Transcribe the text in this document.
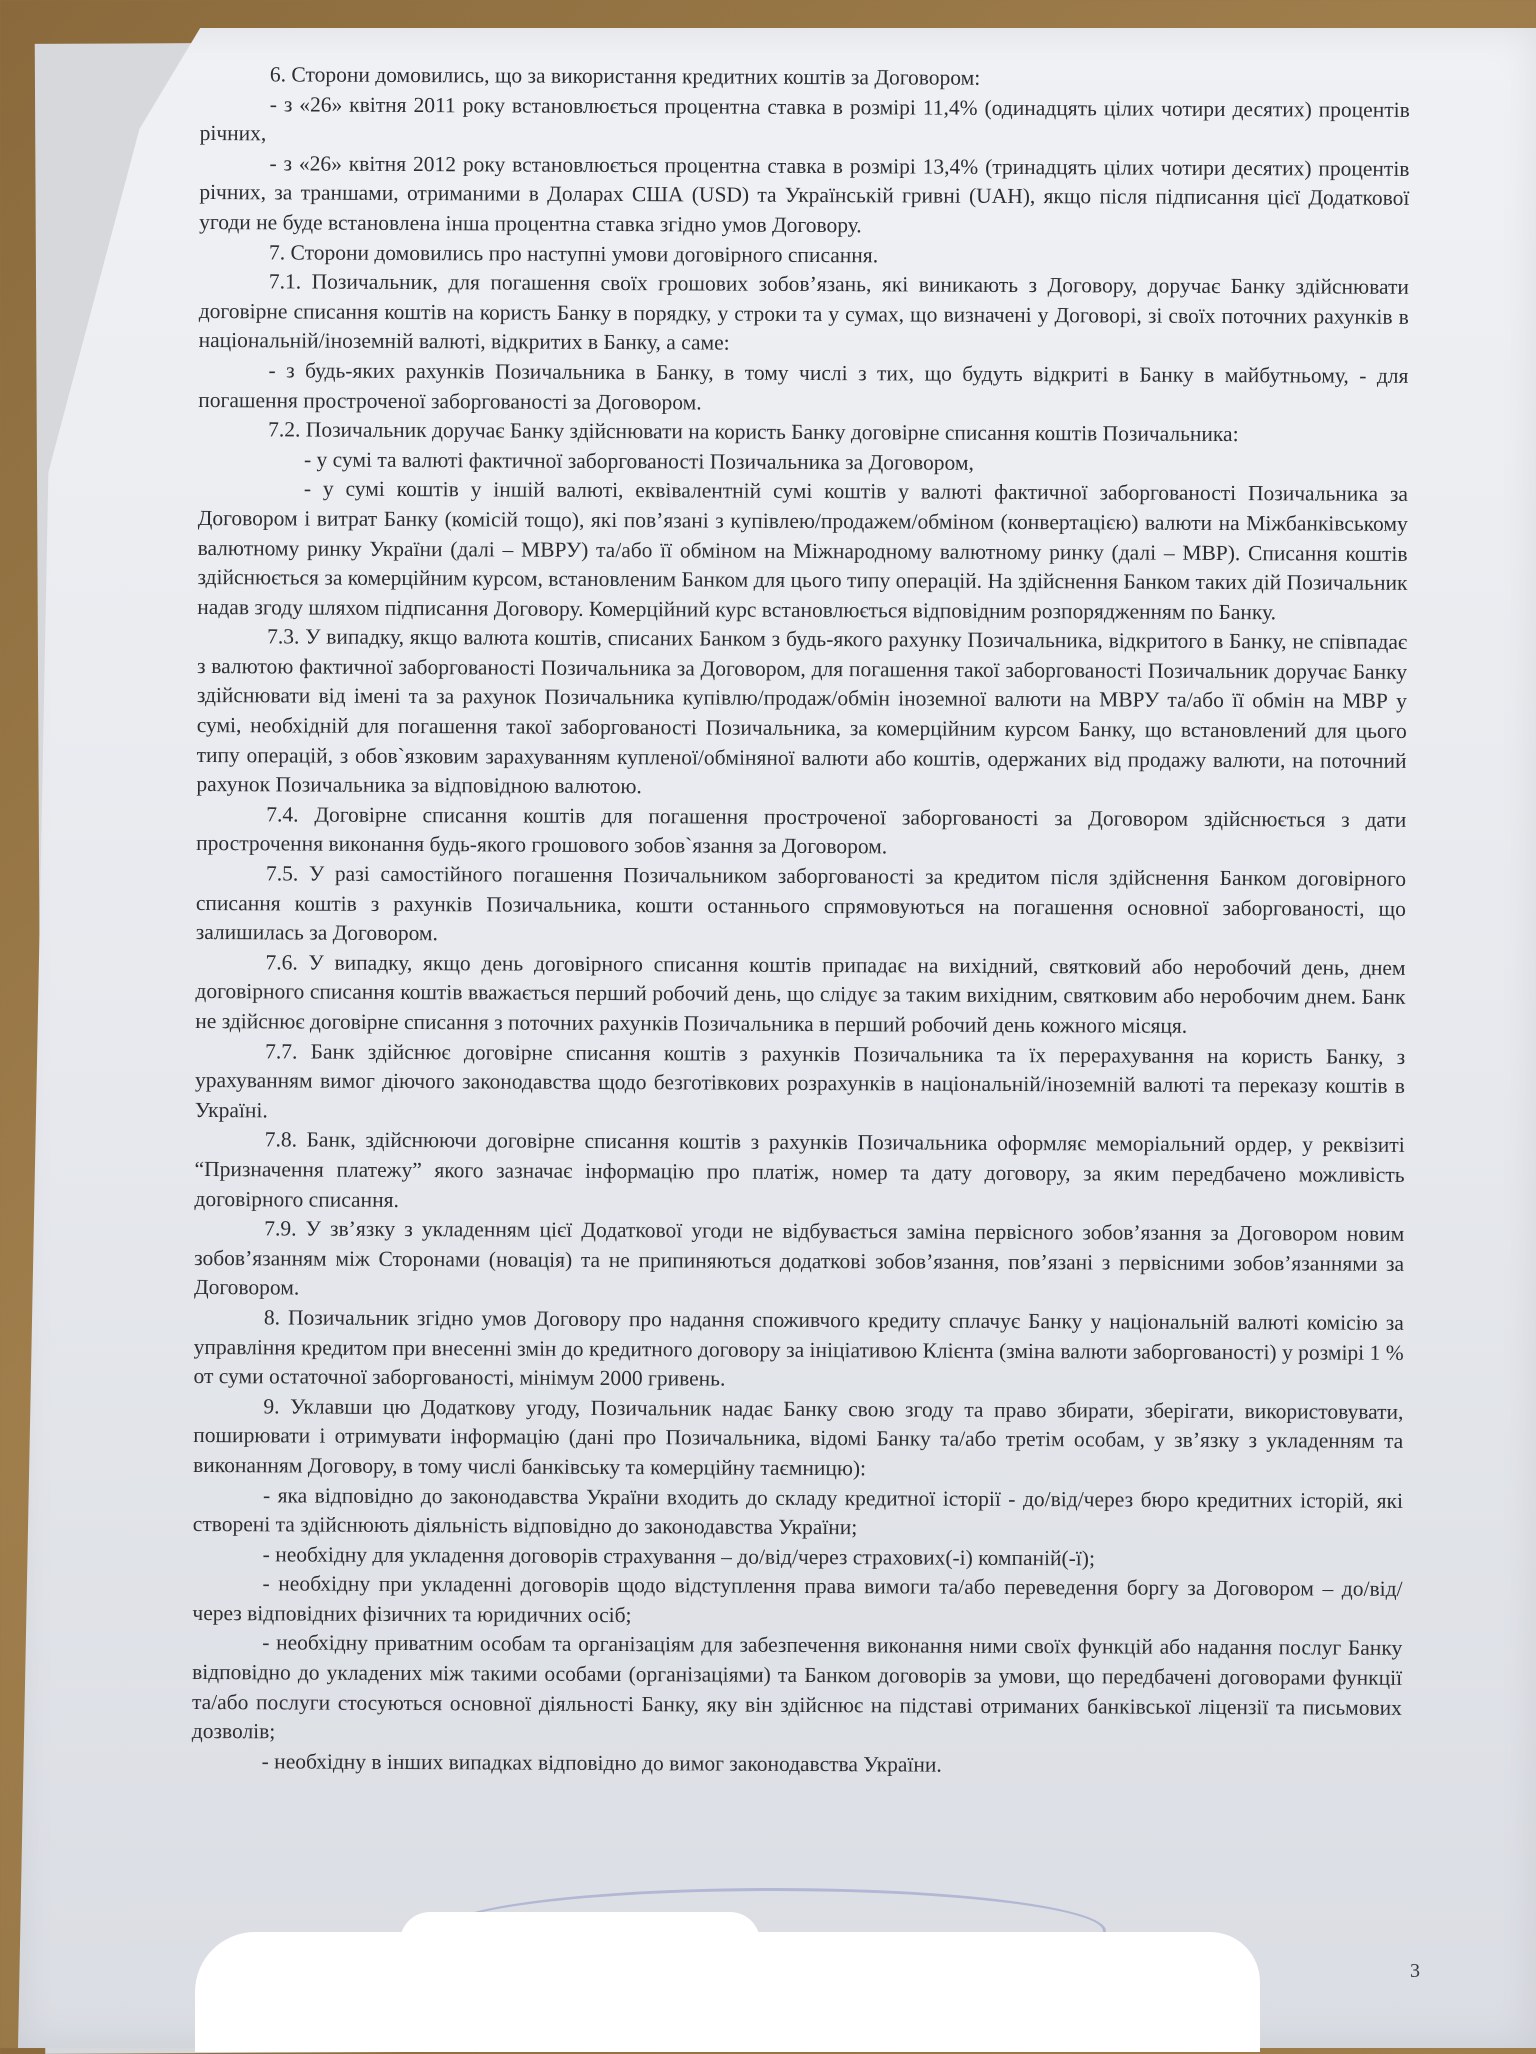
6. Сторони домовились, що за використання кредитних коштів за Договором:

- з «26» квітня 2011 року встановлюється процентна ставка в розмірі 11,4% (одинадцять цілих чотири десятих) процентів річних,

- з «26» квітня 2012 року встановлюється процентна ставка в розмірі 13,4% (тринадцять цілих чотири десятих) процентів річних, за траншами, отриманими в Доларах США (USD) та Українській гривні (UAH), якщо після підписання цієї Додаткової угоди не буде встановлена інша процентна ставка згідно умов Договору.

7. Сторони домовились про наступні умови договірного списання.

7.1. Позичальник, для погашення своїх грошових зобов’язань, які виникають з Договору, доручає Банку здійснювати договірне списання коштів на користь Банку в порядку, у строки та у сумах, що визначені у Договорі, зі своїх поточних рахунків в національній/іноземній валюті, відкритих в Банку, а саме:

- з будь-яких рахунків Позичальника в Банку, в тому числі з тих, що будуть відкриті в Банку в майбутньому, - для погашення простроченої заборгованості за Договором.

7.2. Позичальник доручає Банку здійснювати на користь Банку договірне списання коштів Позичальника:

- у сумі та валюті фактичної заборгованості Позичальника за Договором,

- у сумі коштів у іншій валюті, еквівалентній сумі коштів у валюті фактичної заборгованості Позичальника за Договором і витрат Банку (комісій тощо), які пов’язані з купівлею/продажем/обміном (конвертацією) валюти на Міжбанківському валютному ринку України (далі – МВРУ) та/або її обміном на Міжнародному валютному ринку (далі – МВР). Списання коштів здійснюється за комерційним курсом, встановленим Банком для цього типу операцій. На здійснення Банком таких дій Позичальник надав згоду шляхом підписання Договору. Комерційний курс встановлюється відповідним розпорядженням по Банку.

7.3. У випадку, якщо валюта коштів, списаних Банком з будь-якого рахунку Позичальника, відкритого в Банку, не співпадає з валютою фактичної заборгованості Позичальника за Договором, для погашення такої заборгованості Позичальник доручає Банку здійснювати від імені та за рахунок Позичальника купівлю/продаж/обмін іноземної валюти на МВРУ та/або її обмін на МВР у сумі, необхідній для погашення такої заборгованості Позичальника, за комерційним курсом Банку, що встановлений для цього типу операцій, з обов`язковим зарахуванням купленої/обміняної валюти або коштів, одержаних від продажу валюти, на поточний рахунок Позичальника за відповідною валютою.

7.4. Договірне списання коштів для погашення простроченої заборгованості за Договором здійснюється з дати прострочення виконання будь-якого грошового зобов`язання за Договором.

7.5. У разі самостійного погашення Позичальником заборгованості за кредитом після здійснення Банком договірного списання коштів з рахунків Позичальника, кошти останнього спрямовуються на погашення основної заборгованості, що залишилась за Договором.

7.6. У випадку, якщо день договірного списання коштів припадає на вихідний, святковий або неробочий день, днем договірного списання коштів вважається перший робочий день, що слідує за таким вихідним, святковим або неробочим днем. Банк не здійснює договірне списання з поточних рахунків Позичальника в перший робочий день кожного місяця.

7.7. Банк здійснює договірне списання коштів з рахунків Позичальника та їх перерахування на користь Банку, з урахуванням вимог діючого законодавства щодо безготівкових розрахунків в національній/іноземній валюті та переказу коштів в Україні.

7.8. Банк, здійснюючи договірне списання коштів з рахунків Позичальника оформляє меморіальний ордер, у реквізиті “Призначення платежу” якого зазначає інформацію про платіж, номер та дату договору, за яким передбачено можливість договірного списання.

7.9. У зв’язку з укладенням цієї Додаткової угоди не відбувається заміна первісного зобов’язання за Договором новим зобов’язанням між Сторонами (новація) та не припиняються додаткові зобов’язання, пов’язані з первісними зобов’язаннями за Договором.

8. Позичальник згідно умов Договору про надання споживчого кредиту сплачує Банку у національній валюті комісію за управління кредитом при внесенні змін до кредитного договору за ініціативою Клієнта (зміна валюти заборгованості) у розмірі 1 % от суми остаточної заборгованості, мінімум 2000 гривень.

9. Уклавши цю Додаткову угоду, Позичальник надає Банку свою згоду та право збирати, зберігати, використовувати, поширювати і отримувати інформацію (дані про Позичальника, відомі Банку та/або третім особам, у зв’язку з укладенням та виконанням Договору, в тому числі банківську та комерційну таємницю):

- яка відповідно до законодавства України входить до складу кредитної історії - до/від/через бюро кредитних історій, які створені та здійснюють діяльність відповідно до законодавства України;

- необхідну для укладення договорів страхування – до/від/через страхових(-і) компаній(-ї);

- необхідну при укладенні договорів щодо відступлення права вимоги та/або переведення боргу за Договором – до/від/через відповідних фізичних та юридичних осіб;

- необхідну приватним особам та організаціям для забезпечення виконання ними своїх функцій або надання послуг Банку відповідно до укладених між такими особами (організаціями) та Банком договорів за умови, що передбачені договорами функції та/або послуги стосуються основної діяльності Банку, яку він здійснює на підставі отриманих банківської ліцензії та письмових дозволів;

- необхідну в інших випадках відповідно до вимог законодавства України.

3
